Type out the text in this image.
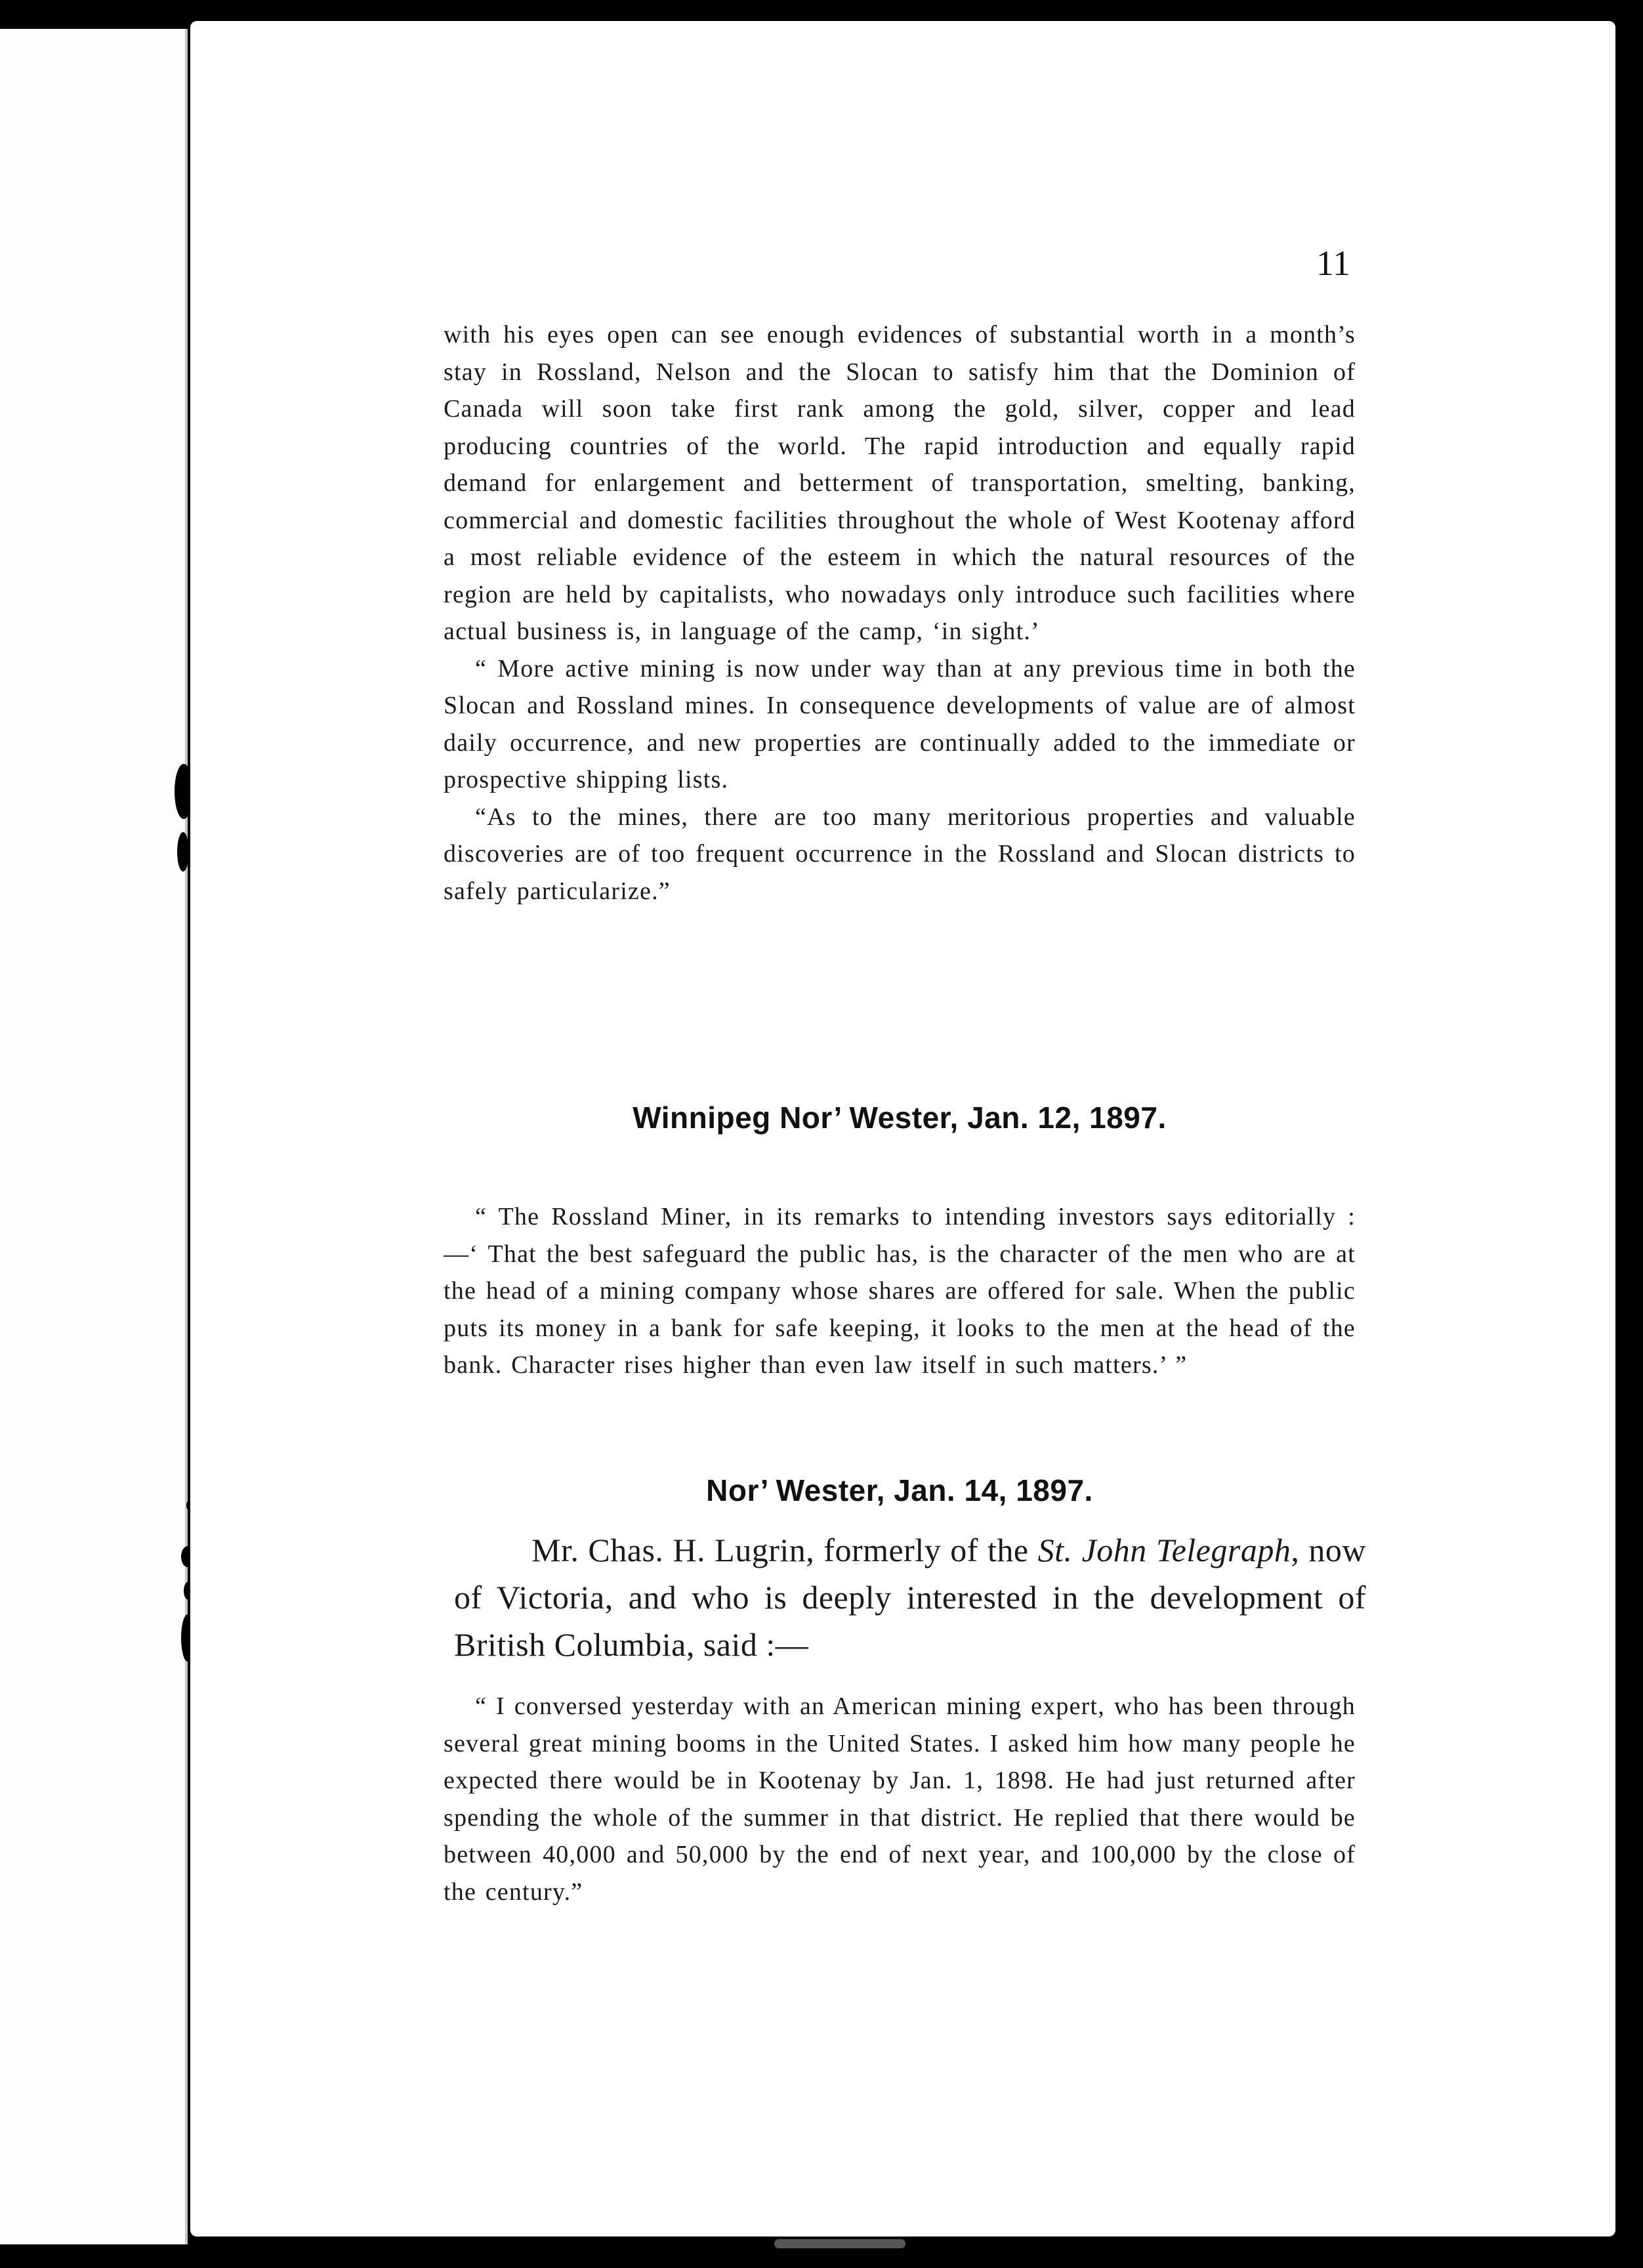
11

with his eyes open can see enough evidences of substantial worth in a month’s stay in Rossland, Nelson and the Slocan to satisfy him that the Dominion of Canada will soon take first rank among the gold, silver, copper and lead producing countries of the world. The rapid introduction and equally rapid demand for enlargement and betterment of transportation, smelting, banking, commercial and domestic facilities throughout the whole of West Kootenay afford a most reliable evidence of the esteem in which the natural resources of the region are held by capitalists, who nowadays only introduce such facilities where actual business is, in language of the camp, ‘in sight.’

“ More active mining is now under way than at any previous time in both the Slocan and Rossland mines. In consequence developments of value are of almost daily occurrence, and new properties are continually added to the immediate or prospective shipping lists.

“As to the mines, there are too many meritorious properties and valuable discoveries are of too frequent occurrence in the Rossland and Slocan districts to safely particularize.”

Winnipeg Nor’ Wester, Jan. 12, 1897.

“ The Rossland Miner, in its remarks to intending investors says editorially :—‘ That the best safeguard the public has, is the character of the men who are at the head of a mining company whose shares are offered for sale. When the public puts its money in a bank for safe keeping, it looks to the men at the head of the bank. Character rises higher than even law itself in such matters.’ ”

Nor’ Wester, Jan. 14, 1897.
Mr. Chas. H. Lugrin, formerly of the St. John Telegraph, now of Victoria, and who is deeply interested in the development of British Columbia, said :—

“ I conversed yesterday with an American mining expert, who has been through several great mining booms in the United States. I asked him how many people he expected there would be in Kootenay by Jan. 1, 1898. He had just returned after spending the whole of the summer in that district. He replied that there would be between 40,000 and 50,000 by the end of next year, and 100,000 by the close of the century.”
